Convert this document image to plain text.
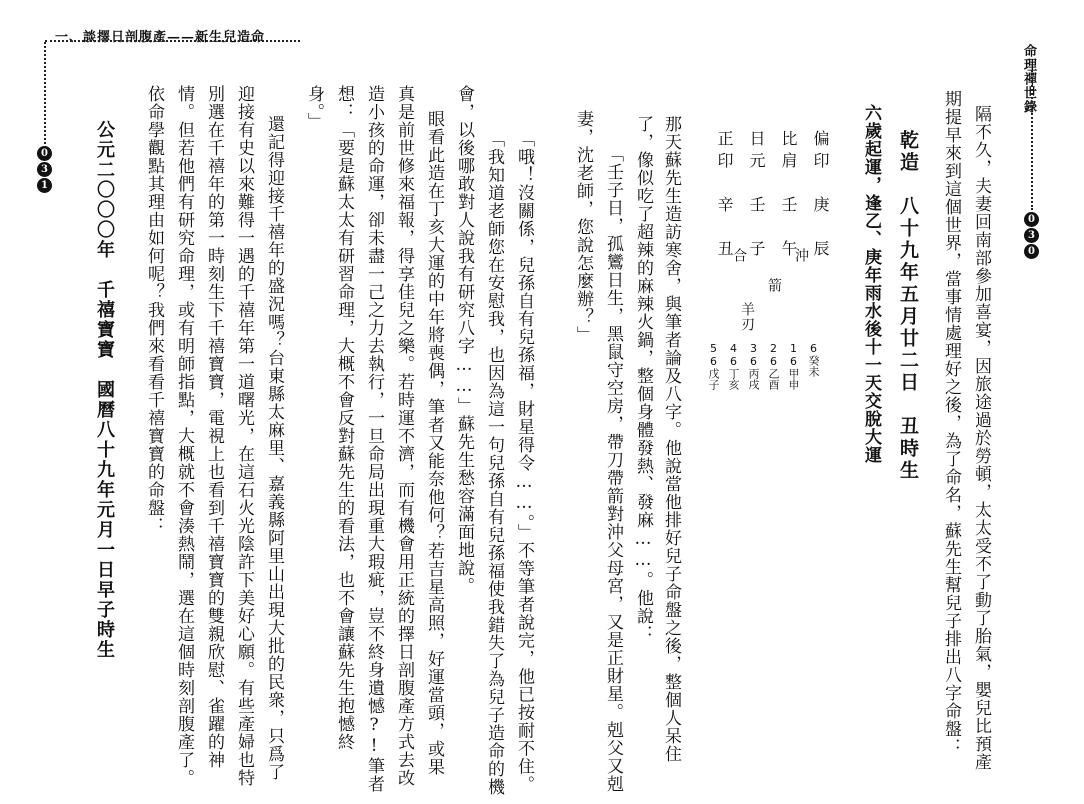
一、談擇日剖腹產——新生兒造命
0
3
1
命理禪世錄
0
3
0
隔不久，夫妻回南部參加喜宴，因旅途過於勞頓，太太受不了動了胎氣，嬰兒比預產
期提早來到這個世界，當事情處理好之後，為了命名，蘇先生幫兒子排出八字命盤：
乾造　八十九年五月廿二日　丑時生
六歲起運，逢乙、庚年雨水後十一天交脫大運
偏印　庚　辰
比肩　壬　午
日元　壬　子
正印　辛　丑	沖
合
箭
羊刃
6癸未
16甲申
26乙酉
36丙戌
46丁亥
56戊子
那天蘇先生造訪寒舍，與筆者論及八字。他說當他排好兒子命盤之後，整個人呆住
了，像似吃了超辣的麻辣火鍋，整個身體發熱、發麻……。他說：
「壬子日，孤鸞日生，黑鼠守空房，帶刀帶箭對沖父母宮，又是正財星。剋父又剋
妻，沈老師，您說怎麼辦？」
「哦！沒關係，兒孫自有兒孫福，財星得令……。」不等筆者說完，他已按耐不住。
「我知道老師您在安慰我，也因為這一句兒孫自有兒孫福使我錯失了為兒子造命的機
會，以後哪敢對人說我有研究八字……」蘇先生愁容滿面地說。
眼看此造在丁亥大運的中年將喪偶，筆者又能奈他何？若吉星高照，好運當頭，或果
真是前世修來福報，得享佳兒之樂。若時運不濟，而有機會用正統的擇日剖腹產方式去改
造小孩的命運，卻未盡一己之力去執行，一旦命局出現重大瑕疵，豈不終身遺憾?!筆者
想：「要是蘇太太有研習命理，大概不會反對蘇先生的看法，也不會讓蘇先生抱憾終
身。」
還記得迎接千禧年的盛況嗎？台東縣太麻里、嘉義縣阿里山出現大批的民衆，只爲了
迎接有史以來難得一遇的千禧年第一道曙光，在這石火光陰許下美好心願。有些產婦也特
別選在千禧年的第一時刻生下千禧寶寶，電視上也看到千禧寶寶的雙親欣慰、雀躍的神
情。但若他們有研究命理，或有明師指點，大概就不會湊熱鬧，選在這個時刻剖腹產了。
依命學觀點其理由如何呢？我們來看看千禧寶寶的命盤：
公元二〇〇〇年　千禧寶寶　國曆八十九年元月一日早子時生
